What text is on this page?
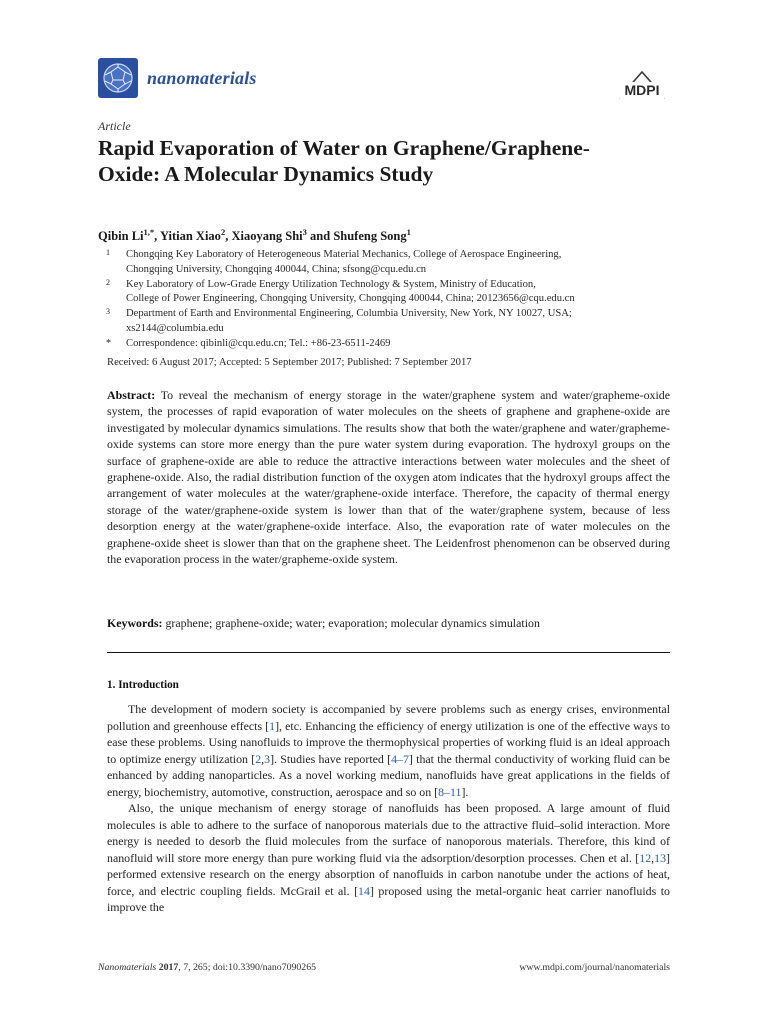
nanomaterials
MDPI
Article
Rapid Evaporation of Water on Graphene/Graphene-Oxide: A Molecular Dynamics Study
Qibin $Li^{1,*}$, Yitian Xiao$^2$, Xiaoyang Shi$^3$ and Shufeng Song$^1$
1 Chongqing Key Laboratory of Heterogeneous Material Mechanics, College of Aerospace Engineering,
Chongqing University, Chongqing 400044, China; sfsong@cqu.edu.cn
2 Key Laboratory of Low-Grade Energy Utilization Technology & System, Ministry of Education,
College of Power Engineering, Chongqing University, Chongqing 400044, China; 20123656@cqu.edu.cn
3 Department of Earth and Environmental Engineering, Columbia University, New York, NY 10027, USA;
xs2144@columbia.edu
* Correspondence: qibinli@cqu.edu.cn; Tel.: +86-23-6511-2469
Received: 6 August 2017; Accepted: 5 September 2017; Published: 7 September 2017
Abstract: To reveal the mechanism of energy storage in the water/graphene system and water/grapheme-oxide system, the processes of rapid evaporation of water molecules on the sheets of graphene and graphene-oxide are investigated by molecular dynamics simulations. The results show that both the water/graphene and water/grapheme-oxide systems can store more energy than the pure water system during evaporation. The hydroxyl groups on the surface of graphene-oxide are able to reduce the attractive interactions between water molecules and the sheet of graphene-oxide. Also, the radial distribution function of the oxygen atom indicates that the hydroxyl groups affect the arrangement of water molecules at the water/graphene-oxide interface. Therefore, the capacity of thermal energy storage of the water/graphene-oxide system is lower than that of the water/graphene system, because of less desorption energy at the water/graphene-oxide interface. Also, the evaporation rate of water molecules on the graphene-oxide sheet is slower than that on the graphene sheet. The Leidenfrost phenomenon can be observed during the evaporation process in the water/grapheme-oxide system.
Keywords: graphene; graphene-oxide; water; evaporation; molecular dynamics simulation
1. Introduction

The development of modern society is accompanied by severe problems such as energy crises, environmental pollution and greenhouse effects [1], etc. Enhancing the efficiency of energy utilization is one of the effective ways to ease these problems. Using nanofluids to improve the thermophysical properties of working fluid is an ideal approach to optimize energy utilization [2,3]. Studies have reported [4–7] that the thermal conductivity of working fluid can be enhanced by adding nanoparticles. As a novel working medium, nanofluids have great applications in the fields of energy, biochemistry, automotive, construction, aerospace and so on [8–11].

Also, the unique mechanism of energy storage of nanofluids has been proposed. A large amount of fluid molecules is able to adhere to the surface of nanoporous materials due to the attractive fluid–solid interaction. More energy is needed to desorb the fluid molecules from the surface of nanoporous materials. Therefore, this kind of nanofluid will store more energy than pure working fluid via the adsorption/desorption processes. Chen et al. [12,13] performed extensive research on the energy absorption of nanofluids in carbon nanotube under the actions of heat, force, and electric coupling fields. McGrail et al. [14] proposed using the metal-organic heat carrier nanofluids to improve the

Nanomaterials 2017, 7, 265; doi:10.3390/nano7090265	www.mdpi.com/journal/nanomaterials
